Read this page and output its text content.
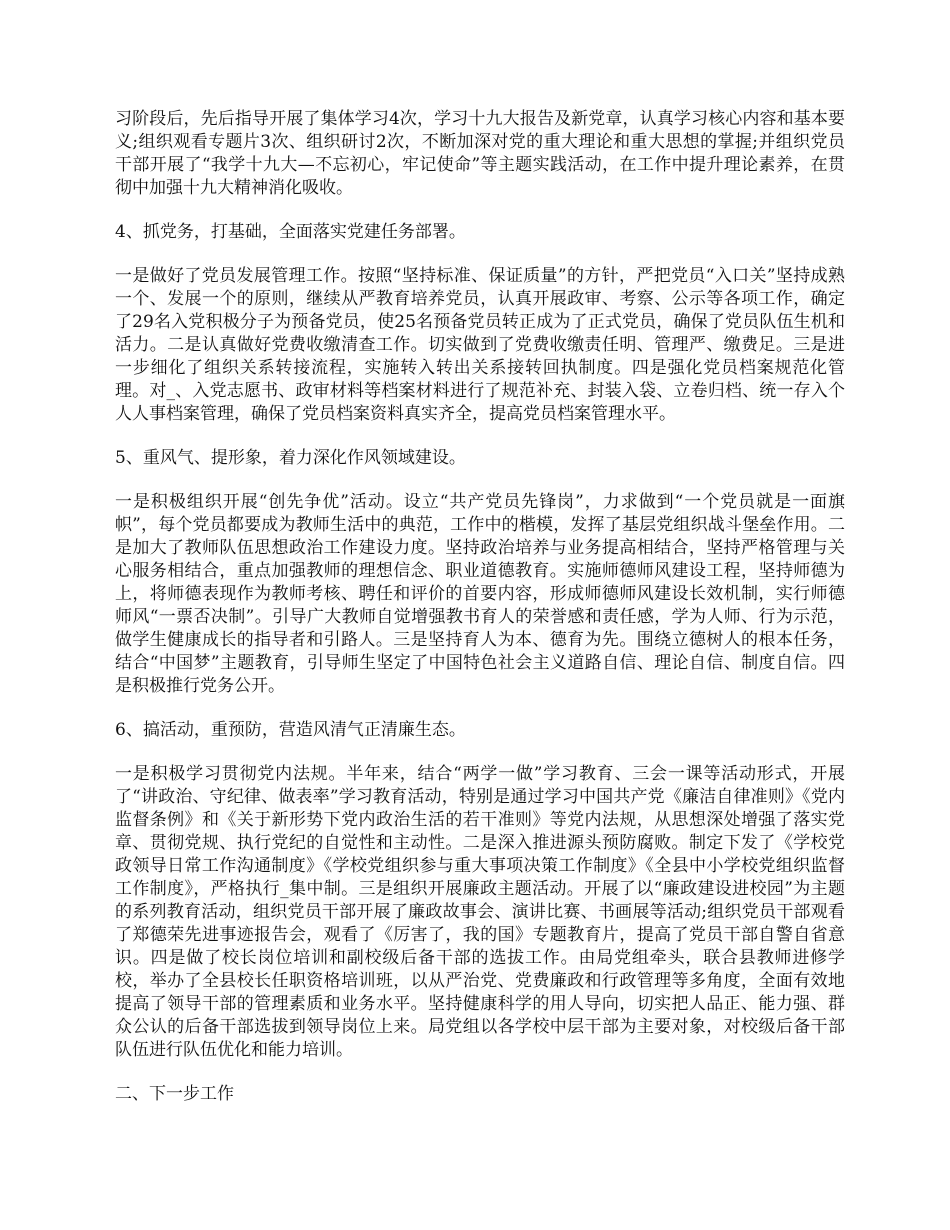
习阶段后，先后指导开展了集体学习4次，学习十九大报告及新党章，认真学习核心内容和基本要义;组织观看专题片3次、组织研讨2次，不断加深对党的重大理论和重大思想的掌握;并组织党员干部开展了“我学十九大—不忘初心，牢记使命”等主题实践活动，在工作中提升理论素养，在贯彻中加强十九大精神消化吸收。

4、抓党务，打基础，全面落实党建任务部署。

一是做好了党员发展管理工作。按照“坚持标准、保证质量”的方针，严把党员“入口关”坚持成熟一个、发展一个的原则，继续从严教育培养党员，认真开展政审、考察、公示等各项工作，确定了29名入党积极分子为预备党员，使25名预备党员转正成为了正式党员，确保了党员队伍生机和活力。二是认真做好党费收缴清查工作。切实做到了党费收缴责任明、管理严、缴费足。三是进一步细化了组织关系转接流程，实施转入转出关系接转回执制度。四是强化党员档案规范化管理。对_、入党志愿书、政审材料等档案材料进行了规范补充、封装入袋、立卷归档、统一存入个人人事档案管理，确保了党员档案资料真实齐全，提高党员档案管理水平。

5、重风气、提形象，着力深化作风领域建设。

一是积极组织开展“创先争优”活动。设立“共产党员先锋岗”，力求做到“一个党员就是一面旗帜”，每个党员都要成为教师生活中的典范，工作中的楷模，发挥了基层党组织战斗堡垒作用。二是加大了教师队伍思想政治工作建设力度。坚持政治培养与业务提高相结合，坚持严格管理与关心服务相结合，重点加强教师的理想信念、职业道德教育。实施师德师风建设工程，坚持师德为上，将师德表现作为教师考核、聘任和评价的首要内容，形成师德师风建设长效机制，实行师德师风“一票否决制”。引导广大教师自觉增强教书育人的荣誉感和责任感，学为人师、行为示范，做学生健康成长的指导者和引路人。三是坚持育人为本、德育为先。围绕立德树人的根本任务，结合“中国梦”主题教育，引导师生坚定了中国特色社会主义道路自信、理论自信、制度自信。四是积极推行党务公开。

6、搞活动，重预防，营造风清气正清廉生态。

一是积极学习贯彻党内法规。半年来，结合“两学一做”学习教育、三会一课等活动形式，开展了“讲政治、守纪律、做表率”学习教育活动，特别是通过学习中国共产党《廉洁自律准则》《党内监督条例》和《关于新形势下党内政治生活的若干准则》等党内法规，从思想深处增强了落实党章、贯彻党规、执行党纪的自觉性和主动性。二是深入推进源头预防腐败。制定下发了《学校党政领导日常工作沟通制度》《学校党组织参与重大事项决策工作制度》《全县中小学校党组织监督工作制度》，严格执行_集中制。三是组织开展廉政主题活动。开展了以“廉政建设进校园”为主题的系列教育活动，组织党员干部开展了廉政故事会、演讲比赛、书画展等活动;组织党员干部观看了郑德荣先进事迹报告会，观看了《厉害了，我的国》专题教育片，提高了党员干部自警自省意识。四是做了校长岗位培训和副校级后备干部的选拔工作。由局党组牵头，联合县教师进修学校，举办了全县校长任职资格培训班，以从严治党、党费廉政和行政管理等多角度，全面有效地提高了领导干部的管理素质和业务水平。坚持健康科学的用人导向，切实把人品正、能力强、群众公认的后备干部选拔到领导岗位上来。局党组以各学校中层干部为主要对象，对校级后备干部队伍进行队伍优化和能力培训。

二、下一步工作
